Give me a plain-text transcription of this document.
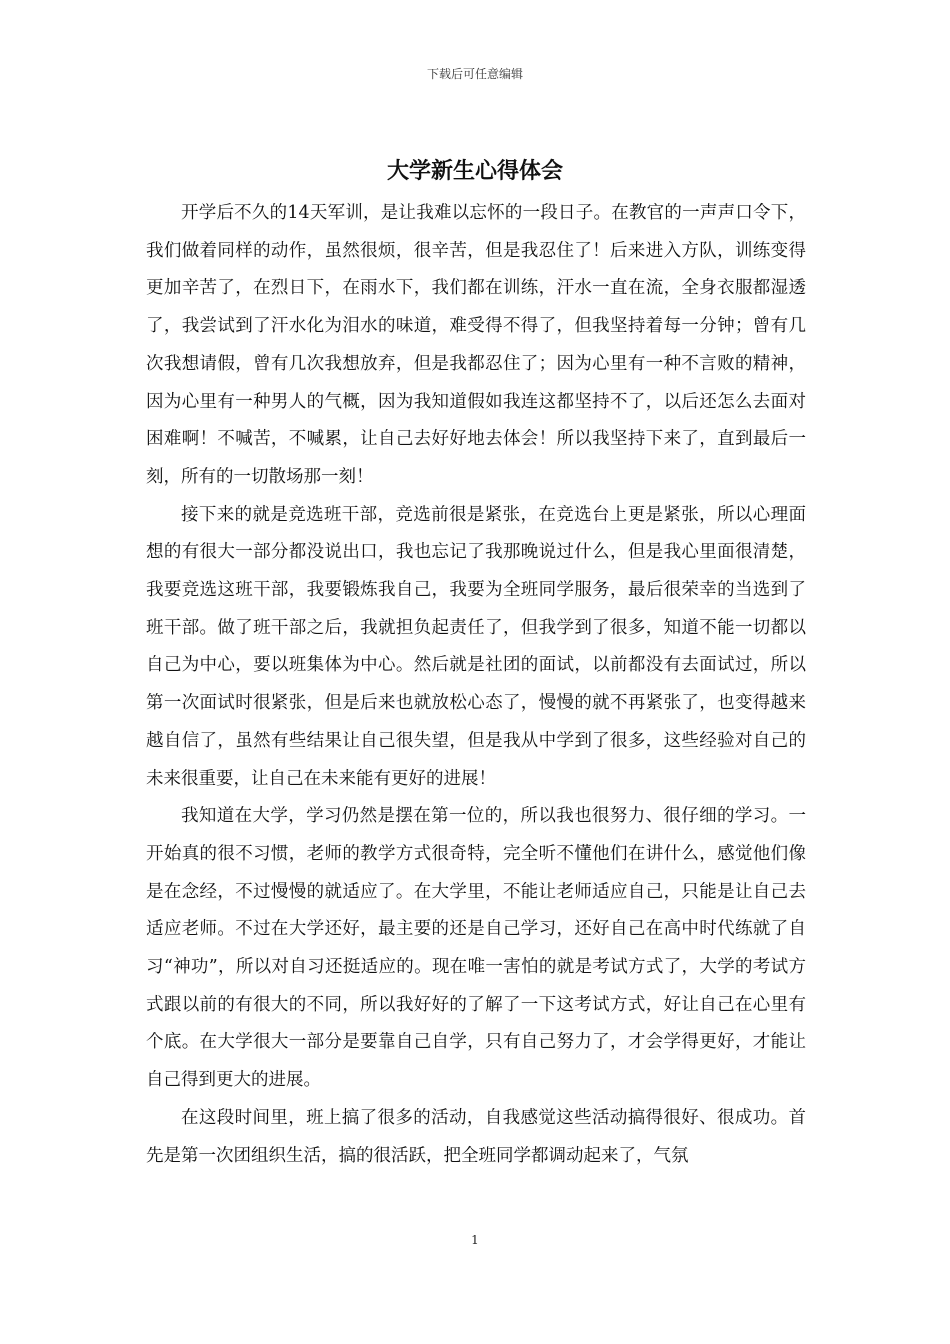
下载后可任意编辑
大学新生心得体会

开学后不久的14天军训，是让我难以忘怀的一段日子。在教官的一声声口令下，我们做着同样的动作，虽然很烦，很辛苦，但是我忍住了！后来进入方队，训练变得更加辛苦了，在烈日下，在雨水下，我们都在训练，汗水一直在流，全身衣服都湿透了，我尝试到了汗水化为泪水的味道，难受得不得了，但我坚持着每一分钟；曾有几次我想请假，曾有几次我想放弃，但是我都忍住了；因为心里有一种不言败的精神，因为心里有一种男人的气概，因为我知道假如我连这都坚持不了，以后还怎么去面对困难啊！不喊苦，不喊累，让自己去好好地去体会！所以我坚持下来了，直到最后一刻，所有的一切散场那一刻！

接下来的就是竞选班干部，竞选前很是紧张，在竞选台上更是紧张，所以心理面想的有很大一部分都没说出口，我也忘记了我那晚说过什么，但是我心里面很清楚，我要竞选这班干部，我要锻炼我自己，我要为全班同学服务，最后很荣幸的当选到了班干部。做了班干部之后，我就担负起责任了，但我学到了很多，知道不能一切都以自己为中心，要以班集体为中心。然后就是社团的面试，以前都没有去面试过，所以第一次面试时很紧张，但是后来也就放松心态了，慢慢的就不再紧张了，也变得越来越自信了，虽然有些结果让自己很失望，但是我从中学到了很多，这些经验对自己的未来很重要，让自己在未来能有更好的进展！

我知道在大学，学习仍然是摆在第一位的，所以我也很努力、很仔细的学习。一开始真的很不习惯，老师的教学方式很奇特，完全听不懂他们在讲什么，感觉他们像是在念经，不过慢慢的就适应了。在大学里，不能让老师适应自己，只能是让自己去适应老师。不过在大学还好，最主要的还是自己学习，还好自己在高中时代练就了自习“神功”，所以对自习还挺适应的。现在唯一害怕的就是考试方式了，大学的考试方式跟以前的有很大的不同，所以我好好的了解了一下这考试方式，好让自己在心里有个底。在大学很大一部分是要靠自己自学，只有自己努力了，才会学得更好，才能让自己得到更大的进展。

在这段时间里，班上搞了很多的活动，自我感觉这些活动搞得很好、很成功。首先是第一次团组织生活，搞的很活跃，把全班同学都调动起来了，气氛

1
